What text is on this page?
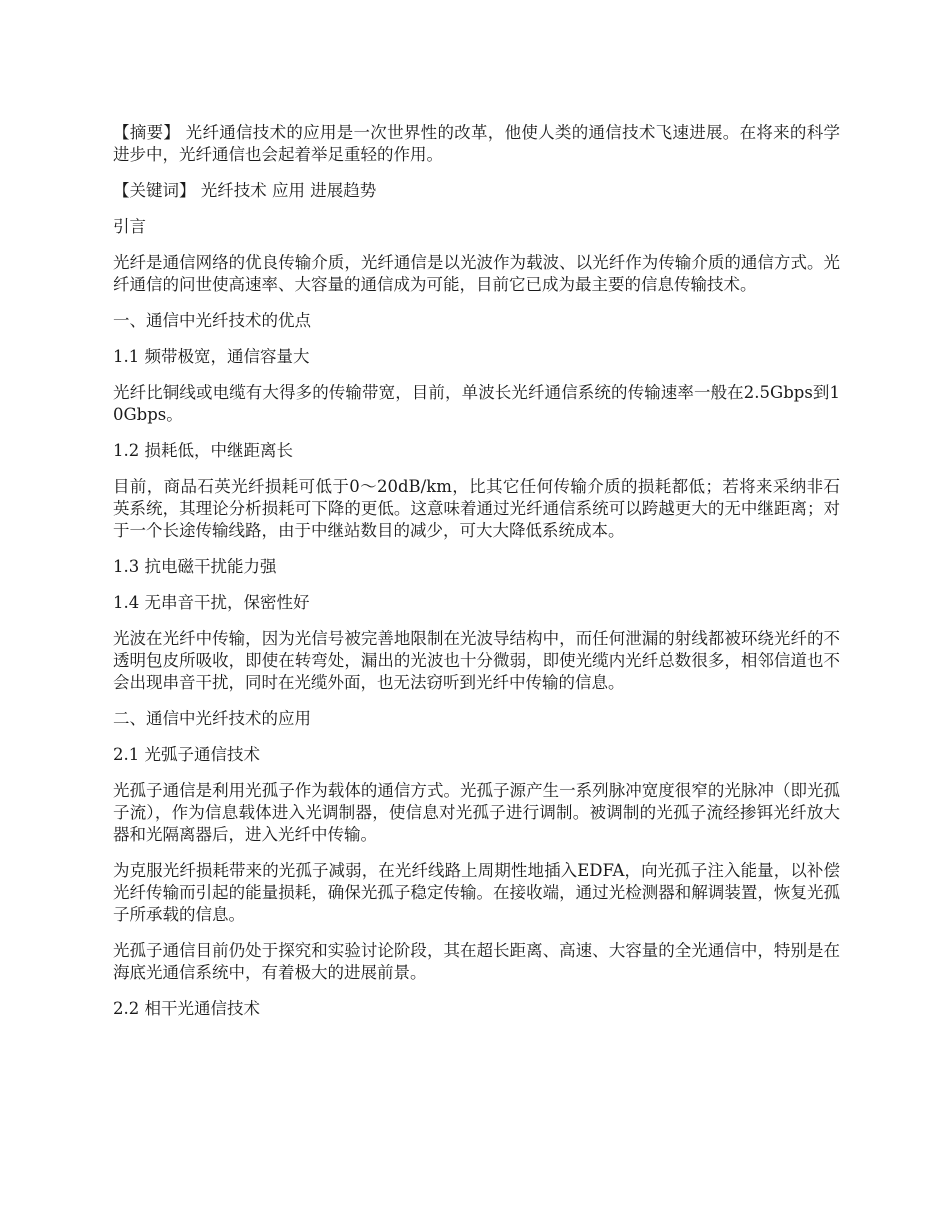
【摘要】 光纤通信技术的应用是一次世界性的改革，他使人类的通信技术飞速进展。在将来的科学进步中，光纤通信也会起着举足重轻的作用。

【关键词】 光纤技术 应用 进展趋势

引言

光纤是通信网络的优良传输介质，光纤通信是以光波作为载波、以光纤作为传输介质的通信方式。光纤通信的问世使高速率、大容量的通信成为可能，目前它已成为最主要的信息传输技术。

一、通信中光纤技术的优点

1.1 频带极宽，通信容量大

光纤比铜线或电缆有大得多的传输带宽，目前，单波长光纤通信系统的传输速率一般在2.5Gbps到10Gbps。

1.2 损耗低，中继距离长

目前，商品石英光纤损耗可低于0～20dB/km，比其它任何传输介质的损耗都低；若将来采纳非石英系统，其理论分析损耗可下降的更低。这意味着通过光纤通信系统可以跨越更大的无中继距离；对于一个长途传输线路，由于中继站数目的减少，可大大降低系统成本。

1.3 抗电磁干扰能力强

1.4 无串音干扰，保密性好

光波在光纤中传输，因为光信号被完善地限制在光波导结构中，而任何泄漏的射线都被环绕光纤的不透明包皮所吸收，即使在转弯处，漏出的光波也十分微弱，即使光缆内光纤总数很多，相邻信道也不会出现串音干扰，同时在光缆外面，也无法窃听到光纤中传输的信息。

二、通信中光纤技术的应用

2.1 光弧子通信技术

光孤子通信是利用光孤子作为载体的通信方式。光孤子源产生一系列脉冲宽度很窄的光脉冲（即光孤子流），作为信息载体进入光调制器，使信息对光孤子进行调制。被调制的光孤子流经掺铒光纤放大器和光隔离器后，进入光纤中传输。

为克服光纤损耗带来的光孤子减弱，在光纤线路上周期性地插入EDFA，向光孤子注入能量，以补偿光纤传输而引起的能量损耗，确保光孤子稳定传输。在接收端，通过光检测器和解调装置，恢复光孤子所承载的信息。

光孤子通信目前仍处于探究和实验讨论阶段，其在超长距离、高速、大容量的全光通信中，特别是在海底光通信系统中，有着极大的进展前景。

2.2 相干光通信技术
